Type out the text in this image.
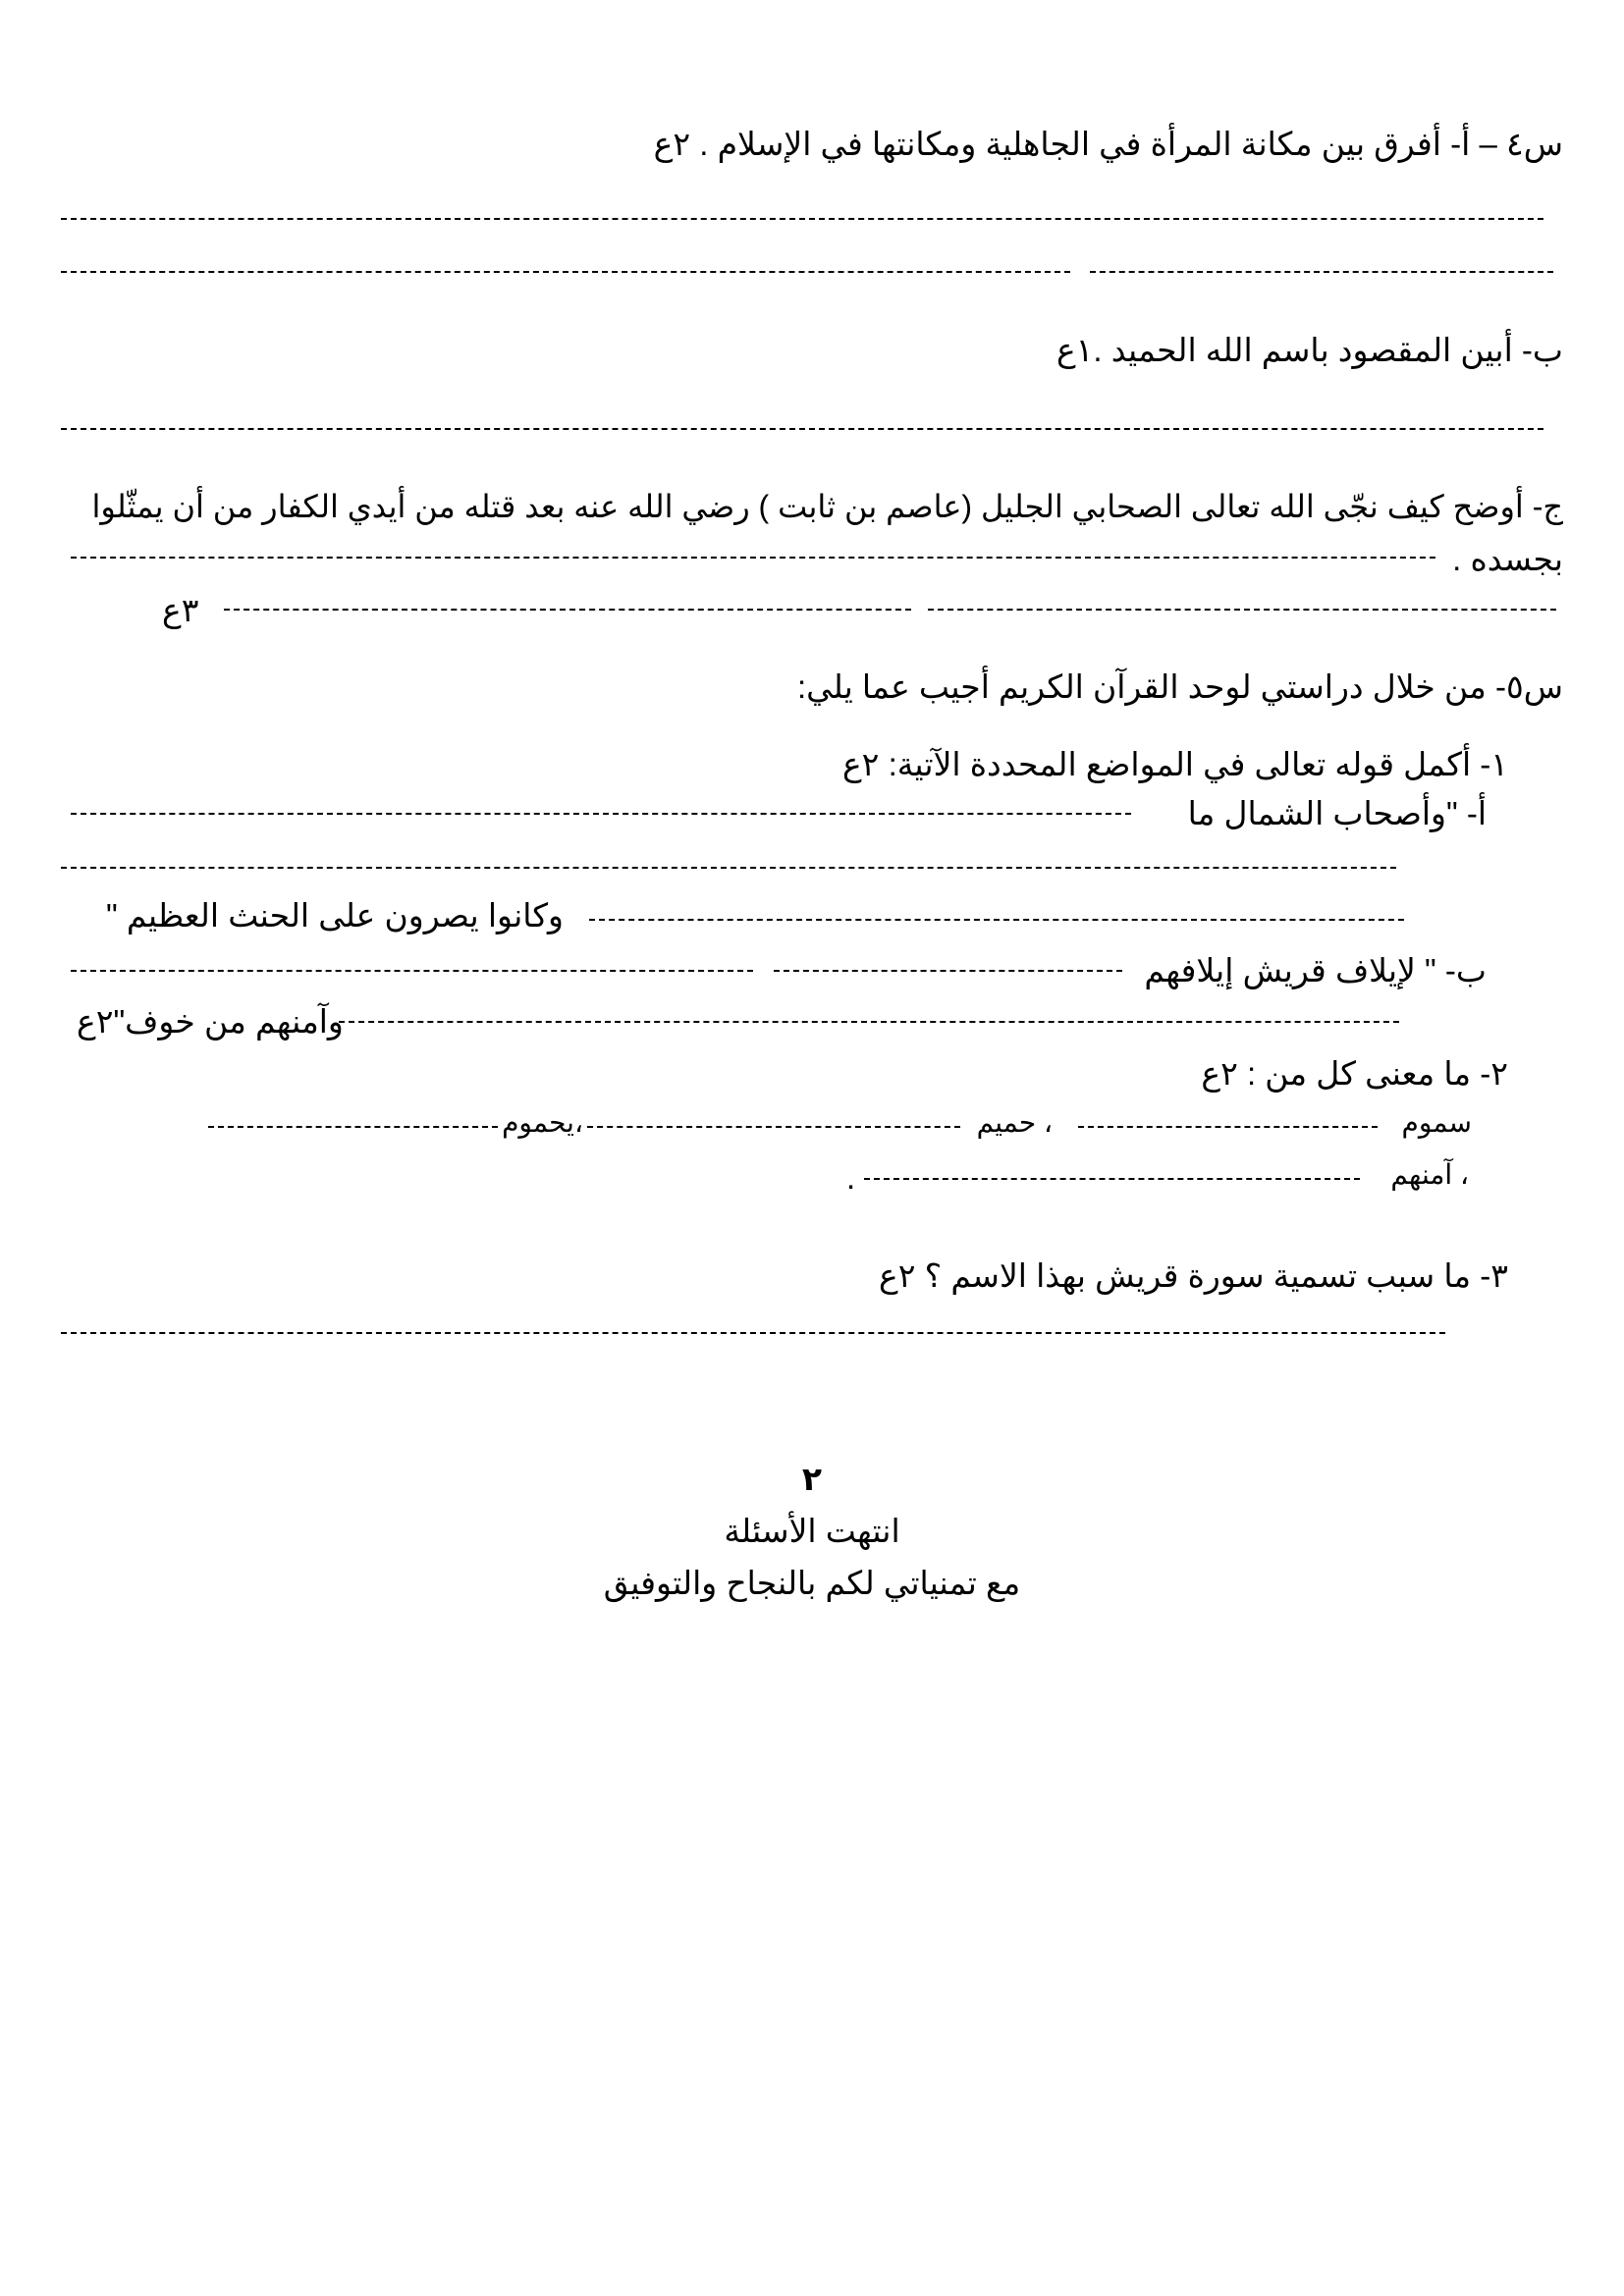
س٤ – أ- أفرق بين مكانة المرأة في الجاهلية ومكانتها في الإسلام . ٢ع
ب- أبين المقصود باسم الله الحميد .١ع
ج- أوضح كيف نجّى الله تعالى الصحابي الجليل (عاصم بن ثابت ) رضي الله عنه بعد قتله من أيدي الكفار من أن يمثّلوا
بجسده .
٣ع
س٥- من خلال دراستي لوحد القرآن الكريم أجيب عما يلي:
١- أكمل قوله تعالى في المواضع المحددة الآتية: ٢ع
أ- "وأصحاب الشمال ما
وكانوا يصرون على الحنث العظيم "
ب- " لإيلاف قريش إيلافهم
وآمنهم من خوف"٢ع
٢- ما معنى كل من : ٢ع
سموم
، حميم
،يحموم
، آمنهم
.
٣- ما سبب تسمية سورة قريش بهذا الاسم ؟ ٢ع
٢
انتهت الأسئلة
مع تمنياتي لكم بالنجاح والتوفيق
